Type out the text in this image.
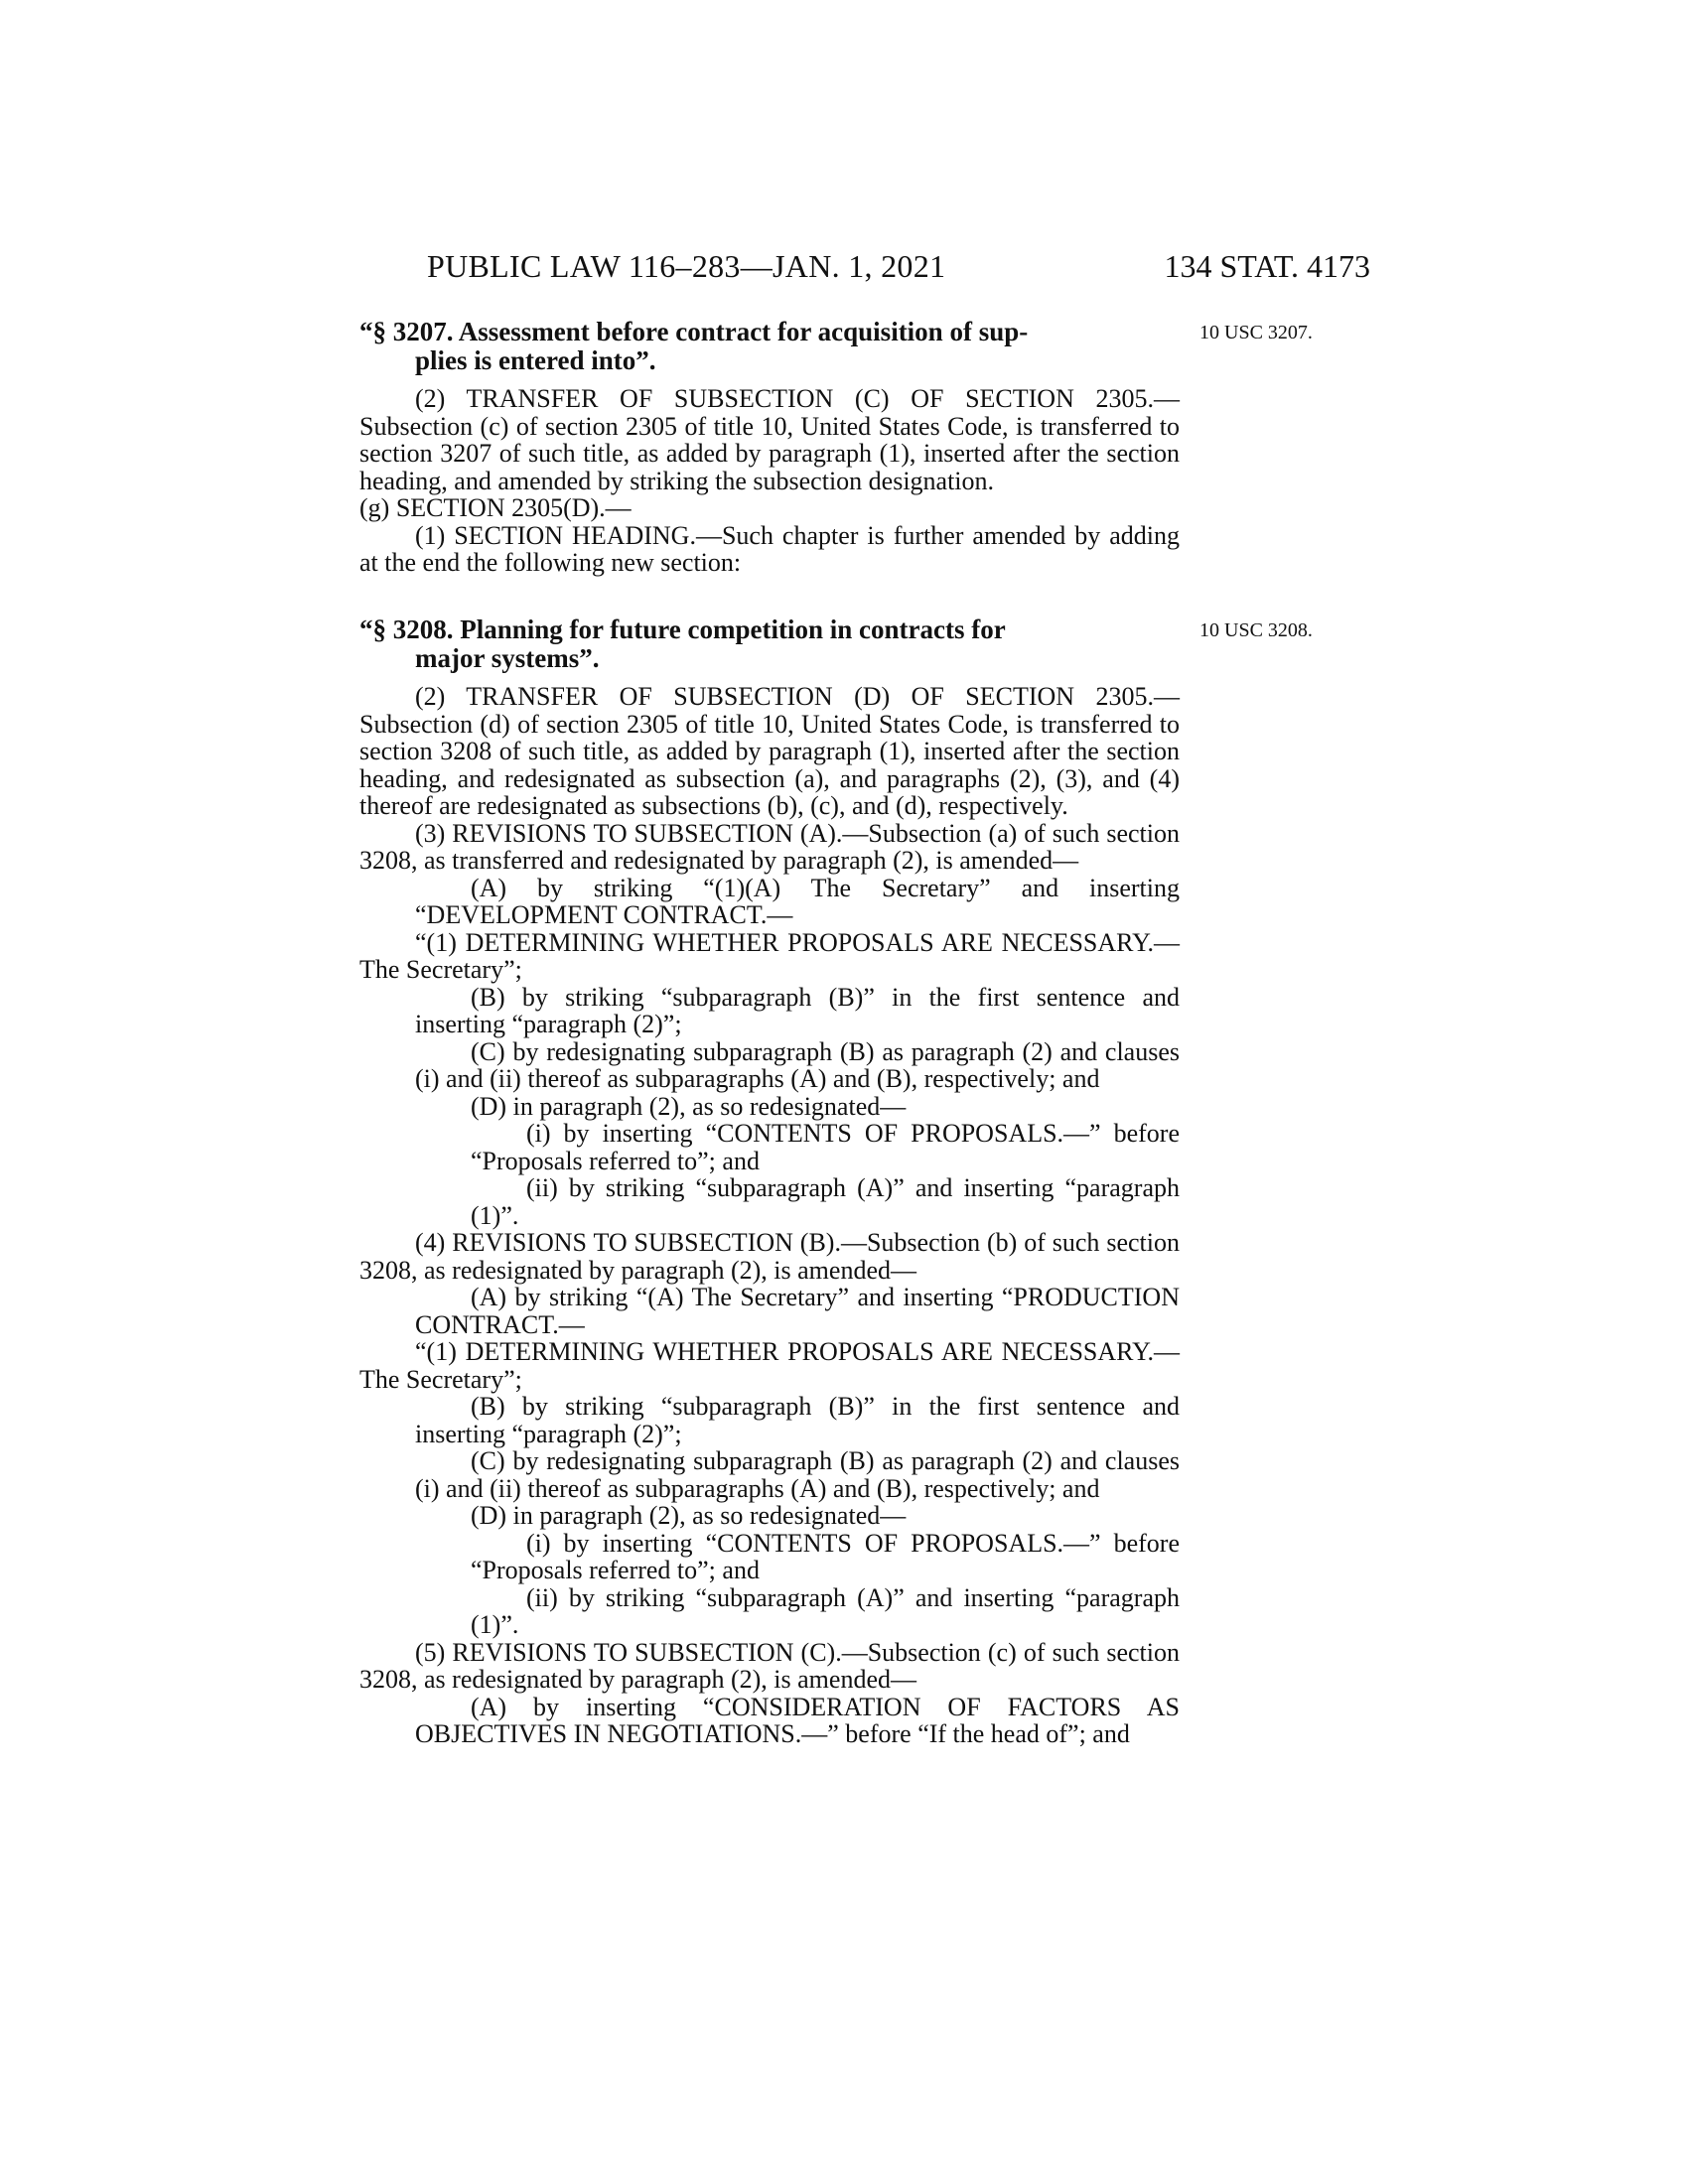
PUBLIC LAW 116–283—JAN. 1, 2021	134 STAT. 4173
“§ 3207. Assessment before contract for acquisition of sup-
plies is entered into”.
10 USC 3207.

(2) TRANSFER OF SUBSECTION (C) OF SECTION 2305.—Subsection (c) of section 2305 of title 10, United States Code, is transferred to section 3207 of such title, as added by paragraph (1), inserted after the section heading, and amended by striking the subsection designation.

(g) SECTION 2305(D).—

(1) SECTION HEADING.—Such chapter is further amended by adding at the end the following new section:

“§ 3208. Planning for future competition in contracts for
major systems”.
10 USC 3208.

(2) TRANSFER OF SUBSECTION (D) OF SECTION 2305.—Subsection (d) of section 2305 of title 10, United States Code, is transferred to section 3208 of such title, as added by paragraph (1), inserted after the section heading, and redesignated as subsection (a), and paragraphs (2), (3), and (4) thereof are redesignated as subsections (b), (c), and (d), respectively.

(3) REVISIONS TO SUBSECTION (A).—Subsection (a) of such section 3208, as transferred and redesignated by paragraph (2), is amended—

(A) by striking “(1)(A) The Secretary” and inserting “DEVELOPMENT CONTRACT.—

“(1) DETERMINING WHETHER PROPOSALS ARE NECESSARY.—The Secretary”;

(B) by striking “subparagraph (B)” in the first sentence and inserting “paragraph (2)”;

(C) by redesignating subparagraph (B) as paragraph (2) and clauses (i) and (ii) thereof as subparagraphs (A) and (B), respectively; and

(D) in paragraph (2), as so redesignated—

(i) by inserting “CONTENTS OF PROPOSALS.—” before “Proposals referred to”; and

(ii) by striking “subparagraph (A)” and inserting “paragraph (1)”.

(4) REVISIONS TO SUBSECTION (B).—Subsection (b) of such section 3208, as redesignated by paragraph (2), is amended—

(A) by striking “(A) The Secretary” and inserting “PRODUCTION CONTRACT.—

“(1) DETERMINING WHETHER PROPOSALS ARE NECESSARY.—The Secretary”;

(B) by striking “subparagraph (B)” in the first sentence and inserting “paragraph (2)”;

(C) by redesignating subparagraph (B) as paragraph (2) and clauses (i) and (ii) thereof as subparagraphs (A) and (B), respectively; and

(D) in paragraph (2), as so redesignated—

(i) by inserting “CONTENTS OF PROPOSALS.—” before “Proposals referred to”; and

(ii) by striking “subparagraph (A)” and inserting “paragraph (1)”.

(5) REVISIONS TO SUBSECTION (C).—Subsection (c) of such section 3208, as redesignated by paragraph (2), is amended—

(A) by inserting “CONSIDERATION OF FACTORS AS OBJECTIVES IN NEGOTIATIONS.—” before “If the head of”; and
